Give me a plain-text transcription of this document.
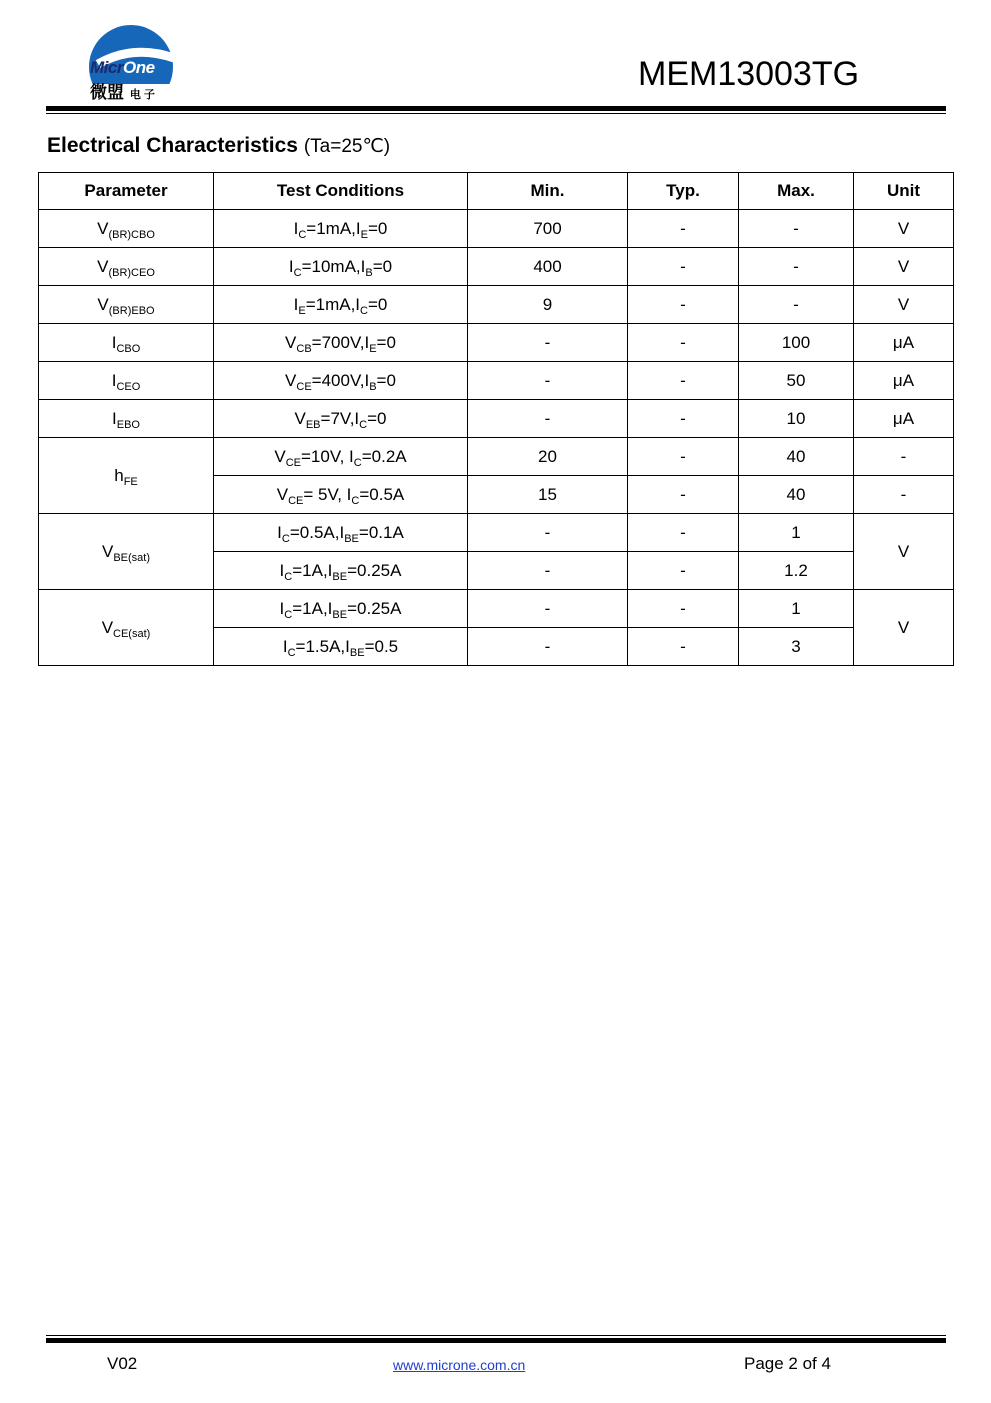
MicrOne
微盟 电子
MEM13003TG
Electrical Characteristics (Ta=25℃)
Parameter	Test Conditions	Min.	Typ.	Max.	Unit
$V_{(BR)CBO}$	$I_C=1mA,I_E=0$	700	-	-	V
$V_{(BR)CEO}$	$I_C=10mA,I_B=0$	400	-	-	V
$V_{(BR)EBO}$	$I_E=1mA,I_C=0$	9	-	-	V
$I_{CBO}$	$V_{CB}=700V,I_E=0$	-	-	100	μA
$I_{CEO}$	$V_{CE}=400V,I_B=0$	-	-	50	μA
$I_{EBO}$	$V_{EB}=7V,I_C=0$	-	-	10	μA
$h_{FE}$	$V_{CE}=10V$, $I_C=0.2A$	20	-	40	-
	$V_{CE}= 5V$, $I_C=0.5A$	15	-	40	-
$V_{BE(sat)}$	$I_C=0.5A,I_{BE}=0.1A$	-	-	1	V
	$I_C=1A,I_{BE}=0.25A$	-	-	1.2	
$V_{CE(sat)}$	$I_C=1A,I_{BE}=0.25A$	-	-	1	V
	$I_C=1.5A,I_{BE}=0.5$	-	-	3	
V02	www.microne.com.cn	Page 2 of 4
